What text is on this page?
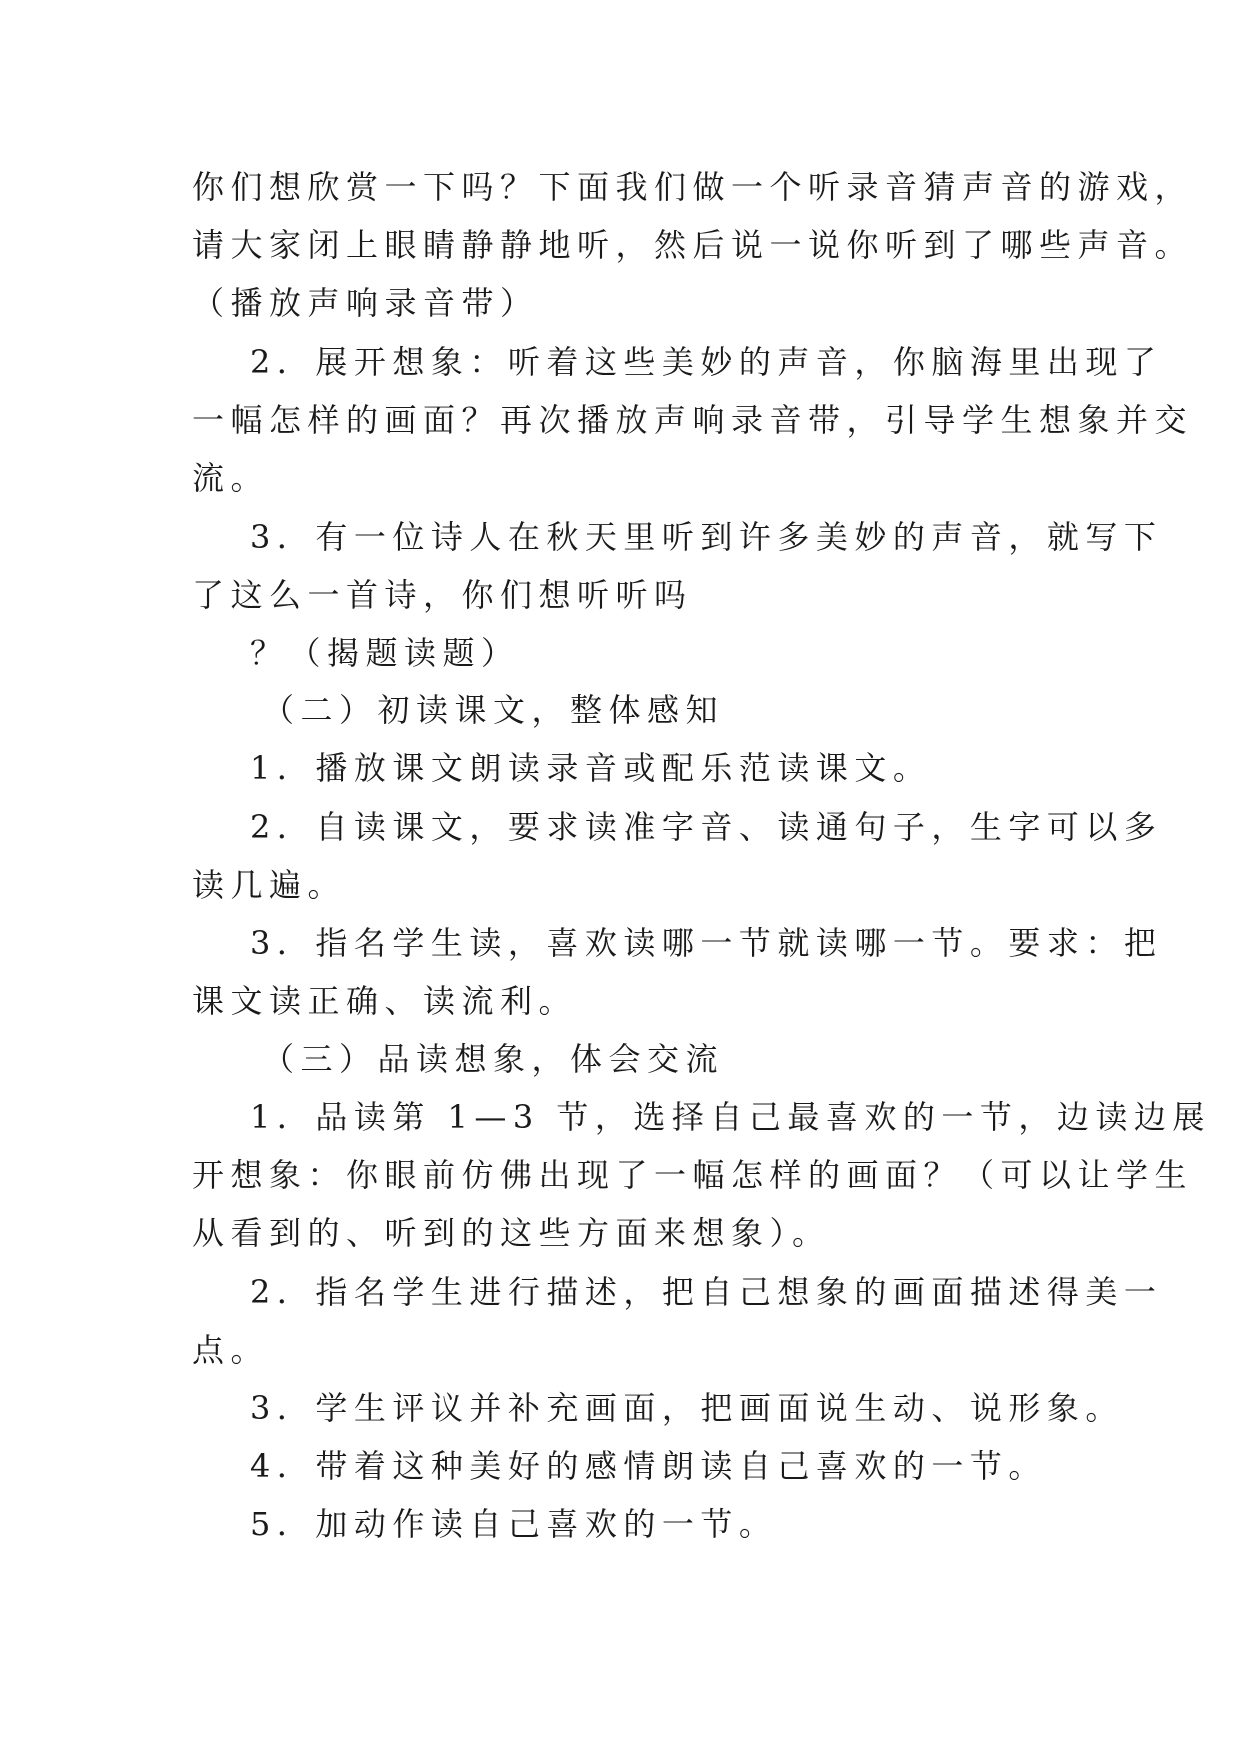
你们想欣赏一下吗？下面我们做一个听录音猜声音的游戏，
请大家闭上眼睛静静地听，然后说一说你听到了哪些声音。
（播放声响录音带）
2．展开想象：听着这些美妙的声音，你脑海里出现了
一幅怎样的画面？再次播放声响录音带，引导学生想象并交
流。
3．有一位诗人在秋天里听到许多美妙的声音，就写下
了这么一首诗，你们想听听吗
？（揭题读题）
（二）初读课文，整体感知
1．播放课文朗读录音或配乐范读课文。
2．自读课文，要求读准字音、读通句子，生字可以多
读几遍。
3．指名学生读，喜欢读哪一节就读哪一节。要求：把
课文读正确、读流利。
（三）品读想象，体会交流
1．品读第 1—3 节，选择自己最喜欢的一节，边读边展
开想象：你眼前仿佛出现了一幅怎样的画面？（可以让学生
从看到的、听到的这些方面来想象）。
2．指名学生进行描述，把自己想象的画面描述得美一
点。
3．学生评议并补充画面，把画面说生动、说形象。
4．带着这种美好的感情朗读自己喜欢的一节。
5．加动作读自己喜欢的一节。
